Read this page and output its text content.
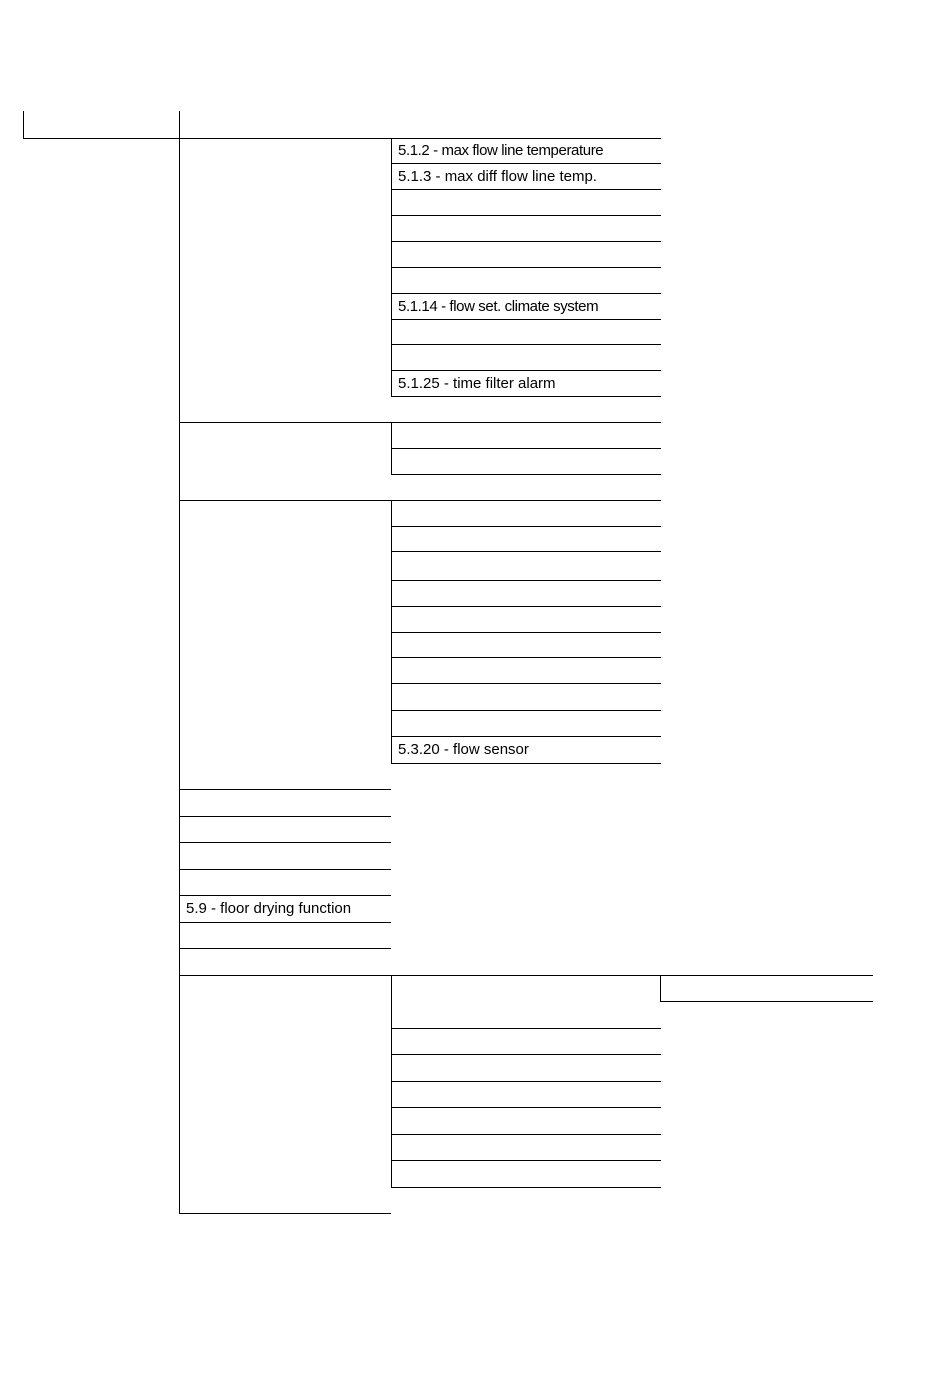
5.1.2 - max flow line temperature
5.1.3 - max diff flow line temp.
5.1.14 - flow set. climate system
5.1.25 - time filter alarm
5.3.20 - flow sensor
5.9 - floor drying function
